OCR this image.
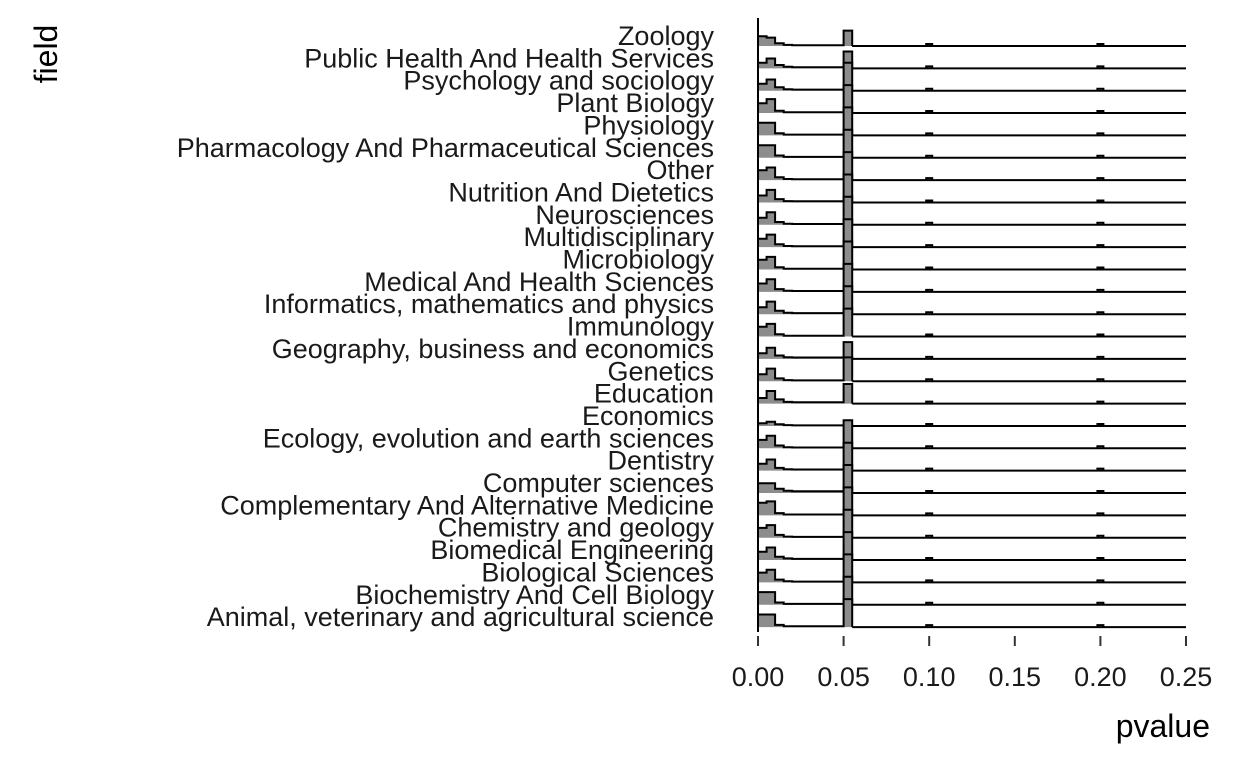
Zoology
Public Health And Health Services
Psychology and sociology
Plant Biology
Physiology
Pharmacology And Pharmaceutical Sciences
Other
Nutrition And Dietetics
Neurosciences
Multidisciplinary
Microbiology
Medical And Health Sciences
Informatics, mathematics and physics
Immunology
Geography, business and economics
Genetics
Education
Economics
Ecology, evolution and earth sciences
Dentistry
Computer sciences
Complementary And Alternative Medicine
Chemistry and geology
Biomedical Engineering
Biological Sciences
Biochemistry And Cell Biology
Animal, veterinary and agricultural science
0.00 0.05 0.10 0.15 0.20 0.25
pvalue
field
